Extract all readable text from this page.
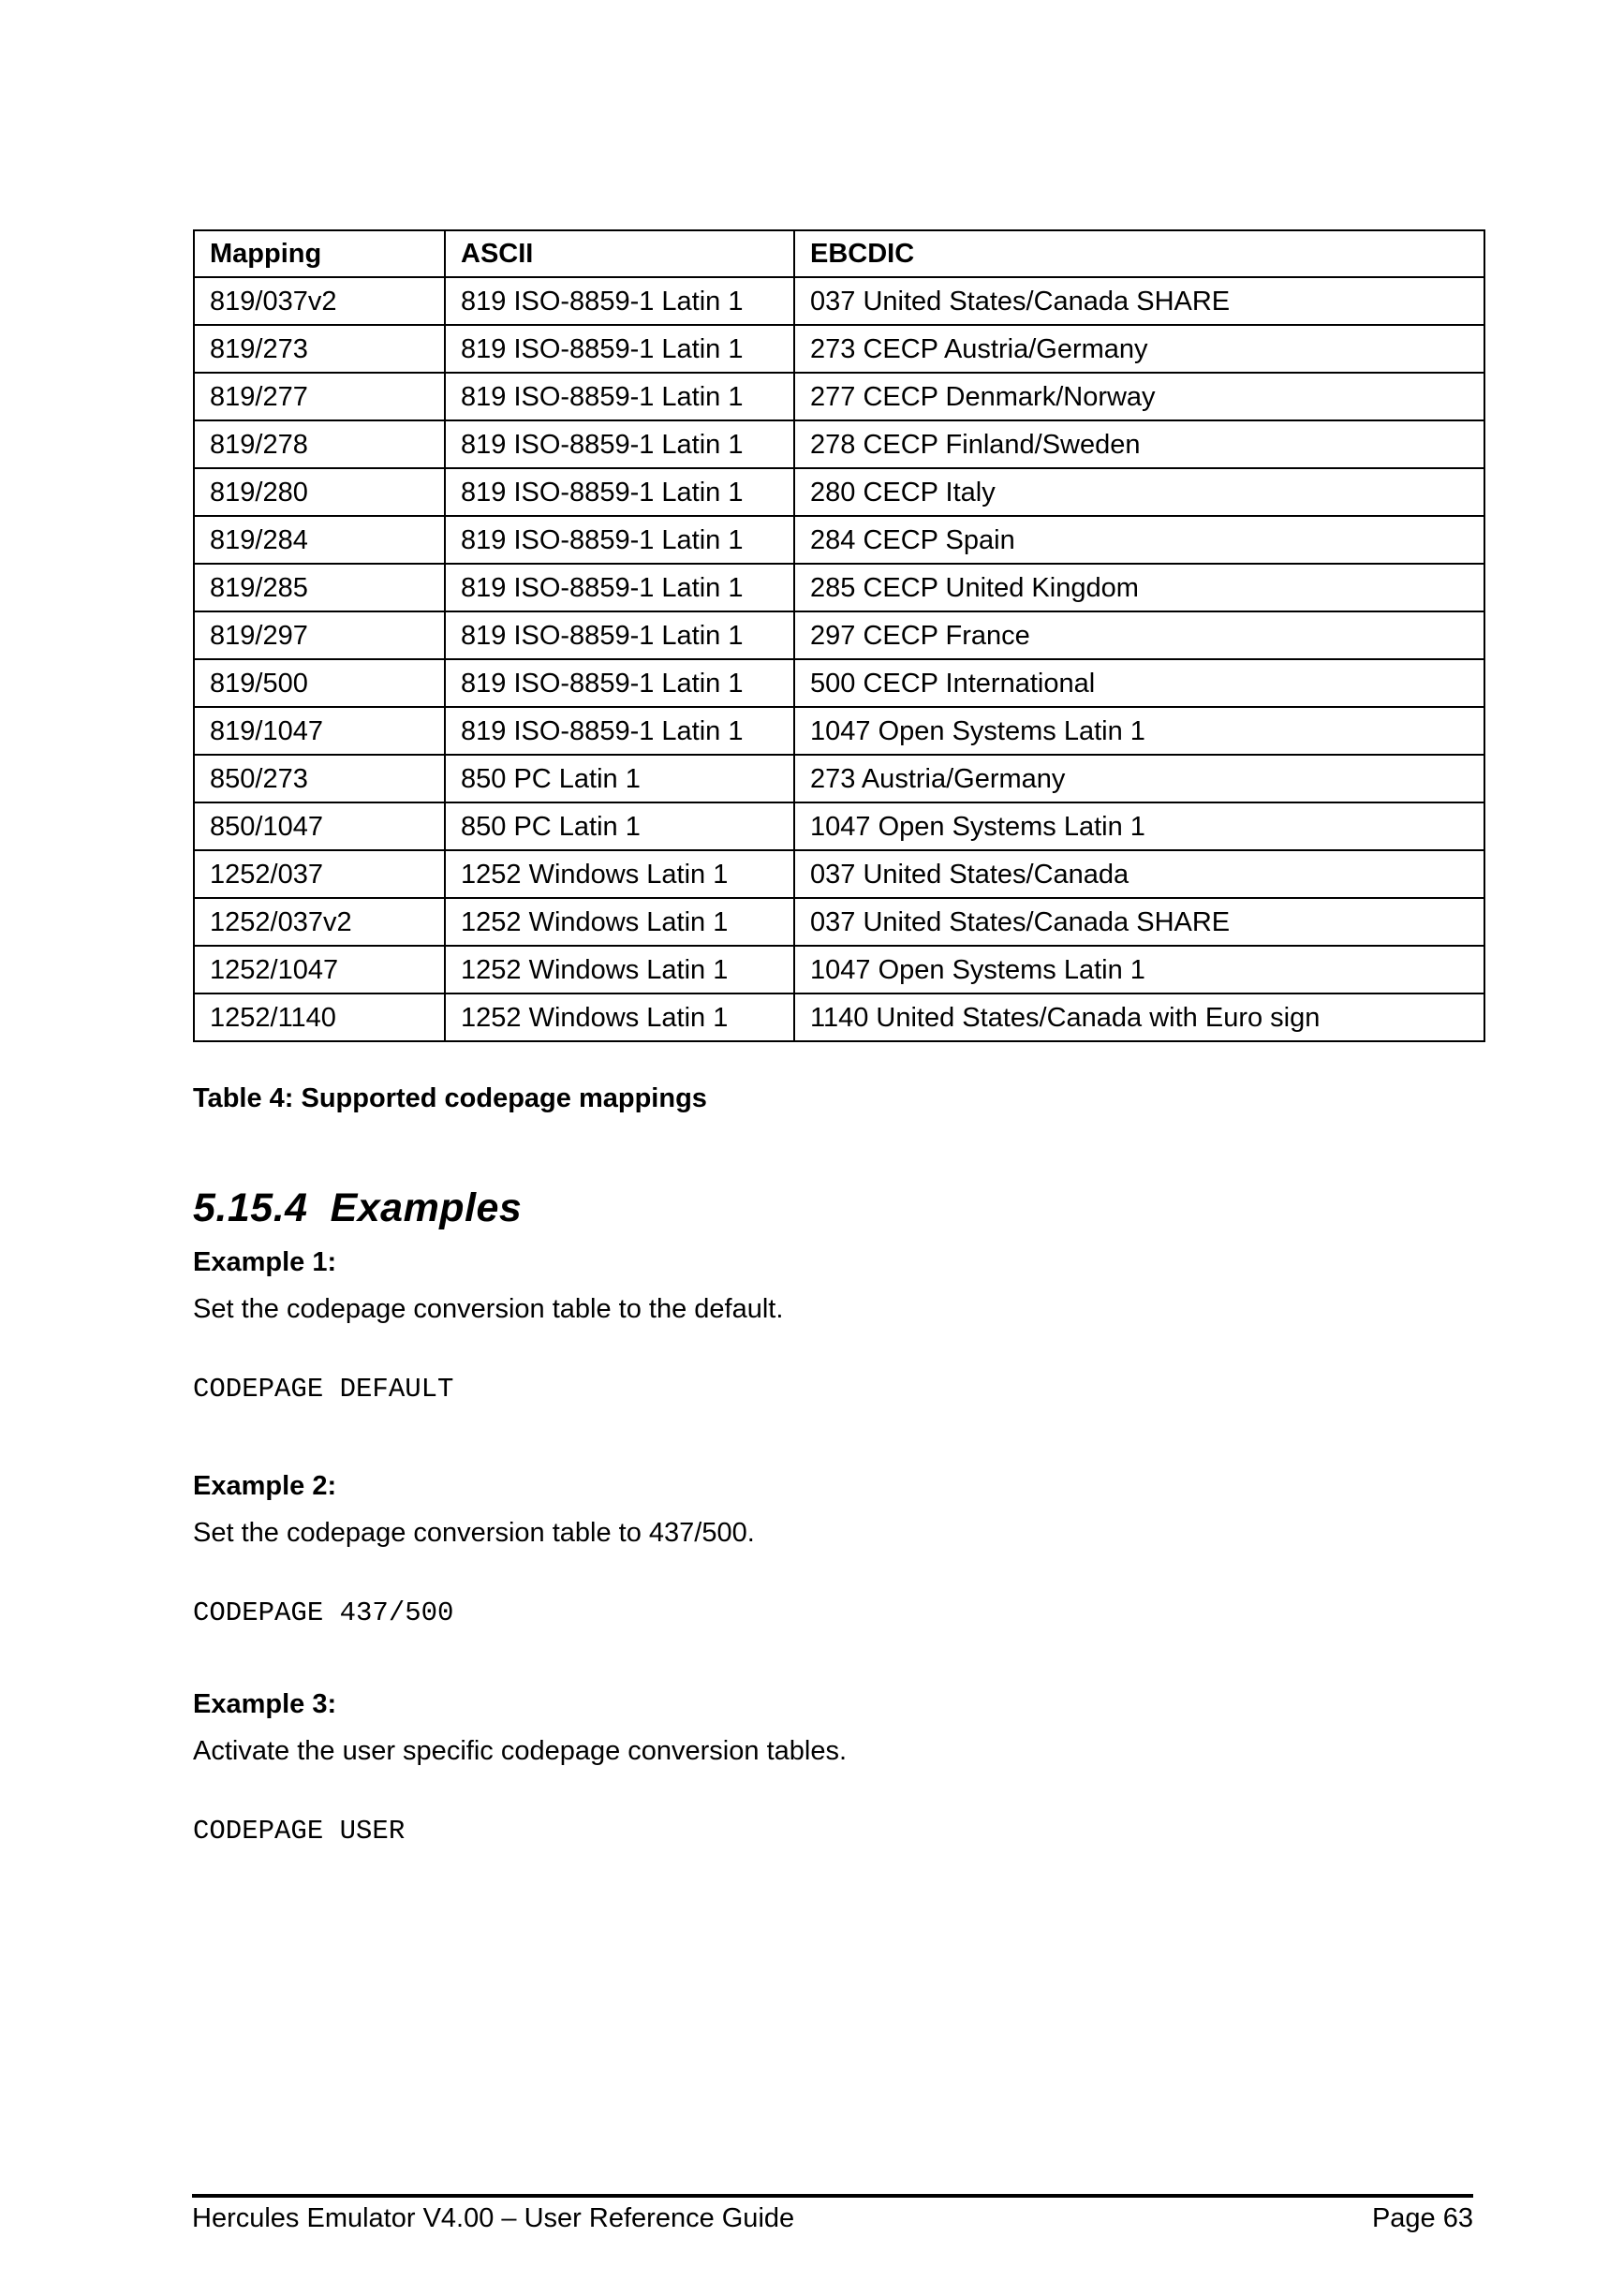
Mapping	ASCII	EBCDIC
819/037v2	819 ISO-8859-1 Latin 1	037 United States/Canada SHARE
819/273	819 ISO-8859-1 Latin 1	273 CECP Austria/Germany
819/277	819 ISO-8859-1 Latin 1	277 CECP Denmark/Norway
819/278	819 ISO-8859-1 Latin 1	278 CECP Finland/Sweden
819/280	819 ISO-8859-1 Latin 1	280 CECP Italy
819/284	819 ISO-8859-1 Latin 1	284 CECP Spain
819/285	819 ISO-8859-1 Latin 1	285 CECP United Kingdom
819/297	819 ISO-8859-1 Latin 1	297 CECP France
819/500	819 ISO-8859-1 Latin 1	500 CECP International
819/1047	819 ISO-8859-1 Latin 1	1047 Open Systems Latin 1
850/273	850 PC Latin 1	273 Austria/Germany
850/1047	850 PC Latin 1	1047 Open Systems Latin 1
1252/037	1252 Windows Latin 1	037 United States/Canada
1252/037v2	1252 Windows Latin 1	037 United States/Canada SHARE
1252/1047	1252 Windows Latin 1	1047 Open Systems Latin 1
1252/1140	1252 Windows Latin 1	1140 United States/Canada with Euro sign
Table 4: Supported codepage mappings
5.15.4 Examples
Example 1:
Set the codepage conversion table to the default.
CODEPAGE DEFAULT
Example 2:
Set the codepage conversion table to 437/500.
CODEPAGE 437/500
Example 3:
Activate the user specific codepage conversion tables.
CODEPAGE USER
Hercules Emulator V4.00 – User Reference Guide	Page 63
